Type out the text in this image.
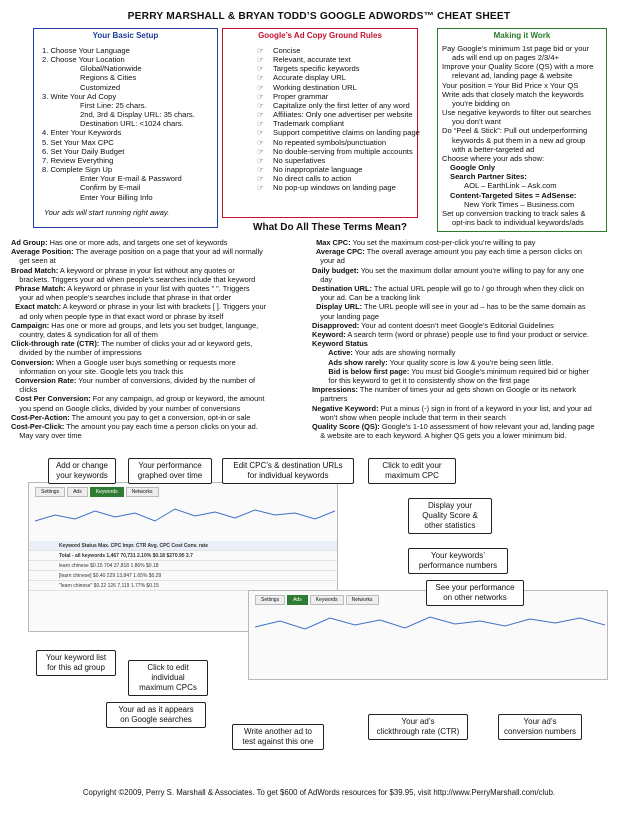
PERRY MARSHALL & BRYAN TODD’S GOOGLE ADWORDS™ CHEAT SHEET
Your Basic Setup
1. Choose Your Language
2. Choose Your Location
Global/Nationwide
Regions & Cities
Customized
3. Write Your Ad Copy
First Line: 25 chars.
2nd, 3rd & Display URL: 35 chars.
Destination URL: <1024 chars.
4. Enter Your Keywords
5. Set Your Max CPC
6. Set Your Daily Budget
7. Review Everything
8. Complete Sign Up
Enter Your E-mail & Password
Confirm by E-mail
Enter Your Billing Info
Your ads will start running right away.
Google’s Ad Copy Ground Rules
☞ Concise
☞ Relevant, accurate text
☞ Targets specific keywords
☞ Accurate display URL
☞ Working destination URL
☞ Proper grammar
☞ Capitalize only the first letter of any word
☞ Affiliates: Only one advertiser per website
☞ Trademark compliant
☞ Support competitive claims on landing page
☞ No repeated symbols/punctuation
☞ No double-serving from multiple accounts
☞ No superlatives
☞ No inappropriate language
☞ No direct calls to action
☞ No pop-up windows on landing page
Making it Work
Pay Google’s minimum 1st page bid or your
ads will end up on pages 2/3/4+
Improve your Quality Score (QS) with a more
relevant ad, landing page & website
Your position = Your Bid Price x Your QS
Write ads that closely match the keywords
you’re bidding on
Use negative keywords to filter out searches
you don’t want
Do “Peel & Stick”: Pull out underperforming
keywords & put them in a new ad group
with a better-targeted ad
Choose where your ads show:
Google Only
Search Partner Sites:
AOL – EarthLink – Ask.com
Content-Targeted Sites = AdSense:
New York Times – Business.com
Set up conversion tracking to track sales &
opt-ins back to individual keywords/ads
What Do All These Terms Mean?
Ad Group: Has one or more ads, and targets one set of keywords
Average Position: The average position on a page that your ad will normally
get seen at
Broad Match: A keyword or phrase in your list without any quotes or
brackets. Triggers your ad when people’s searches include that keyword
Phrase Match: A keyword or phrase in your list with quotes " ". Triggers
your ad when people’s searches include that phrase in that order
Exact match: A keyword or phrase in your list with brackets [ ]. Triggers your
ad only when people type in that exact word or phrase by itself
Campaign: Has one or more ad groups, and lets you set budget, language,
country, dates & syndication for all of them
Click-through rate (CTR): The number of clicks your ad or keyword gets,
divided by the number of impressions
Conversion: When a Google user buys something or requests more
information on your site. Google lets you track this
Conversion Rate: Your number of conversions, divided by the number of
clicks
Cost Per Conversion: For any campaign, ad group or keyword, the amount
you spend on Google clicks, divided by your number of conversions
Cost-Per-Action: The amount you pay to get a conversion, opt-in or sale
Cost-Per-Click: The amount you pay each time a person clicks on your ad.
May vary over time
Max CPC: You set the maximum cost-per-click you’re willing to pay
Average CPC: The overall average amount you pay each time a person clicks on
your ad
Daily budget: You set the maximum dollar amount you’re willing to pay for any one
day
Destination URL: The actual URL people will go to / go through when they click on
your ad. Can be a tracking link
Display URL: The URL people will see in your ad – has to be the same domain as
your landing page
Disapproved: Your ad content doesn’t meet Google’s Editorial Guidelines
Keyword: A search term (word or phrase) people use to find your product or service.
Keyword Status
Active: Your ads are showing normally
Ads show rarely: Your quality score is low & you’re being seen little.
Bid is below first page: You must bid Google’s minimum required bid or higher
for this keyword to get it to consistently show on the first page
Impressions: The number of times your ad gets shown on Google or its network
partners
Negative Keyword: Put a minus (-) sign in front of a keyword in your list, and your ad
won’t show when people include that term in their search
Quality Score (QS): Google’s 1-10 assessment of how relevant your ad, landing page
& website are to each keyword. A higher QS gets you a lower minimum bid.
Settings	Ads	Keywords	Networks
Keyword Status Max. CPC Impr. CTR Avg. CPC Cost Conv. rate
Total - all keywords 1,467 70,731 2.10% $0.18 $270.95 3.7
learn chinese $0.15 704 37,818 1.86% $0.18
[learn chinese] $0.40 229 13,847 1.65% $0.29
"learn chinese" $0.22 126 7,119 1.77% $0.15
Settings	Ads	Keywords	Networks
Add or change
your keywords
Your performance
graphed over time
Edit CPC’s & destination URLs
for individual keywords
Click to edit your
maximum CPC
Display your
Quality Score &
other statistics
Your keywords’
performance numbers
See your performance
on other networks
Your keyword list
for this ad group	Click to edit
individual
maximum CPCs
Your ad as it appears
on Google searches
Write another ad to
test against this one
Your ad’s
clickthrough rate (CTR)
Your ad’s
conversion numbers
Copyright ©2009, Perry S. Marshall & Associates. To get $600 of AdWords resources for $39.95, visit http://www.PerryMarshall.com/club.
